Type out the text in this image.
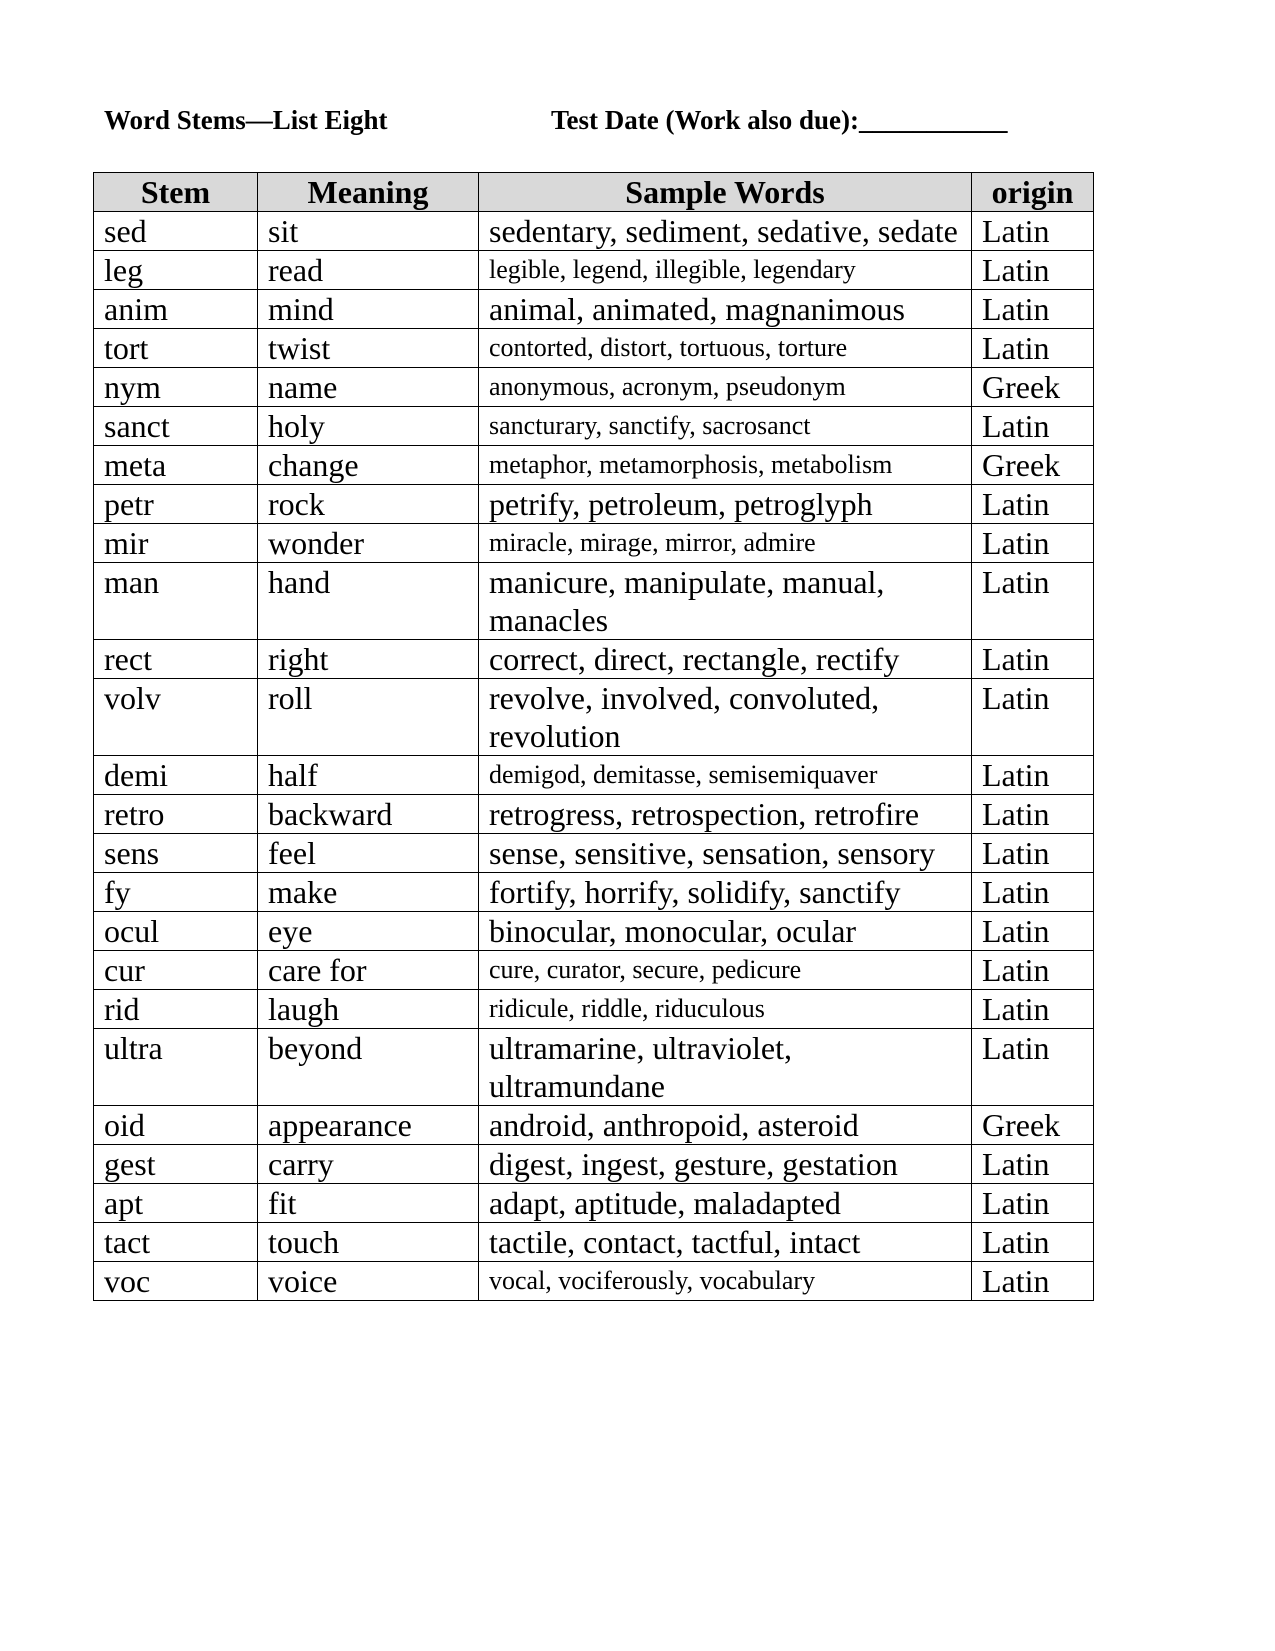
Word Stems—List Eight	Test Date (Work also due):___________
Stem	Meaning	Sample Words	origin
sed	sit	sedentary, sediment, sedative, sedate	Latin
leg	read	legible, legend, illegible, legendary	Latin
anim	mind	animal, animated, magnanimous	Latin
tort	twist	contorted, distort, tortuous, torture	Latin
nym	name	anonymous, acronym, pseudonym	Greek
sanct	holy	sancturary, sanctify, sacrosanct	Latin
meta	change	metaphor, metamorphosis, metabolism	Greek
petr	rock	petrify, petroleum, petroglyph	Latin
mir	wonder	miracle, mirage, mirror, admire	Latin
man	hand	manicure, manipulate, manual, manacles	Latin
rect	right	correct, direct, rectangle, rectify	Latin
volv	roll	revolve, involved, convoluted, revolution	Latin
demi	half	demigod, demitasse, semisemiquaver	Latin
retro	backward	retrogress, retrospection, retrofire	Latin
sens	feel	sense, sensitive, sensation, sensory	Latin
fy	make	fortify, horrify, solidify, sanctify	Latin
ocul	eye	binocular, monocular, ocular	Latin
cur	care for	cure, curator, secure, pedicure	Latin
rid	laugh	ridicule, riddle, riduculous	Latin
ultra	beyond	ultramarine, ultraviolet, ultramundane	Latin
oid	appearance	android, anthropoid, asteroid	Greek
gest	carry	digest, ingest, gesture, gestation	Latin
apt	fit	adapt, aptitude, maladapted	Latin
tact	touch	tactile, contact, tactful, intact	Latin
voc	voice	vocal, vociferously, vocabulary	Latin
